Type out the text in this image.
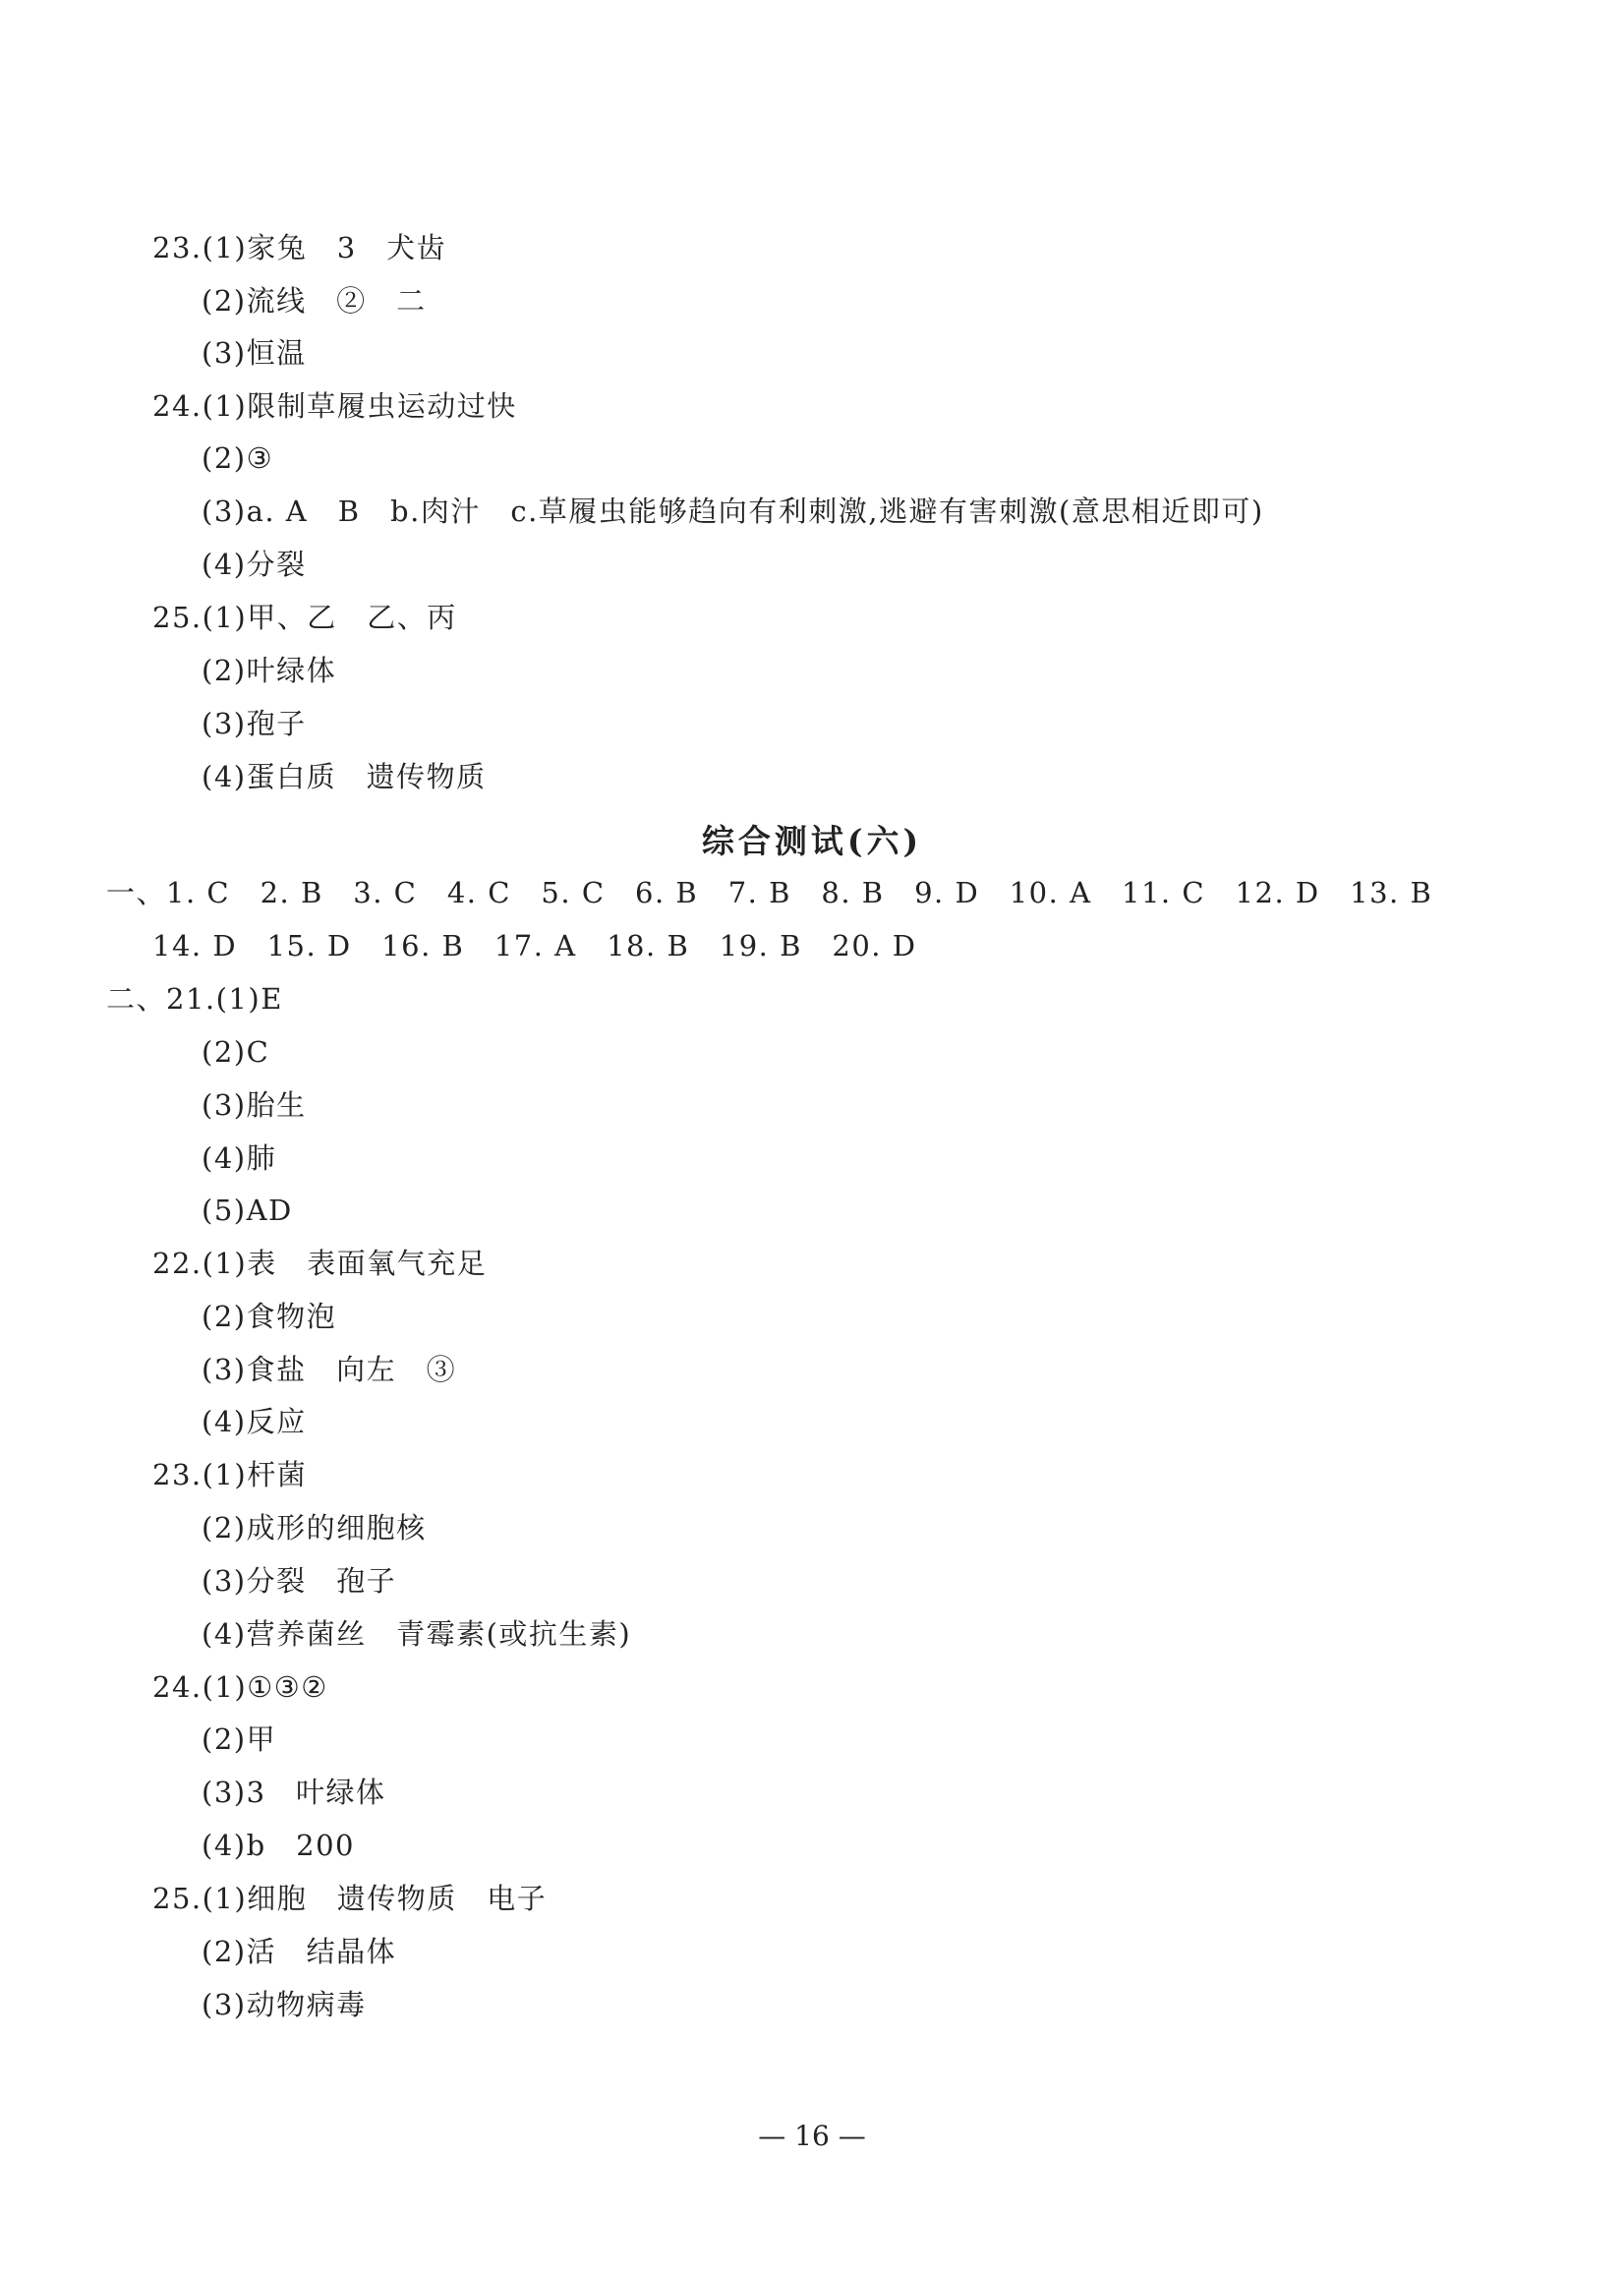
23.(1)家兔　3　犬齿
(2)流线　②　二
(3)恒温
24.(1)限制草履虫运动过快
(2)③
(3)a. A　B　b.肉汁　c.草履虫能够趋向有利刺激,逃避有害刺激(意思相近即可)
(4)分裂
25.(1)甲、乙　乙、丙
(2)叶绿体
(3)孢子
(4)蛋白质　遗传物质
综合测试(六)
一、1. C　2. B　3. C　4. C　5. C　6. B　7. B　8. B　9. D　10. A　11. C　12. D　13. B
14. D　15. D　16. B　17. A　18. B　19. B　20. D
二、21.(1)E
(2)C
(3)胎生
(4)肺
(5)AD
22.(1)表　表面氧气充足
(2)食物泡
(3)食盐　向左　③
(4)反应
23.(1)杆菌
(2)成形的细胞核
(3)分裂　孢子
(4)营养菌丝　青霉素(或抗生素)
24.(1)①③②
(2)甲
(3)3　叶绿体
(4)b　200
25.(1)细胞　遗传物质　电子
(2)活　结晶体
(3)动物病毒
— 16 —
